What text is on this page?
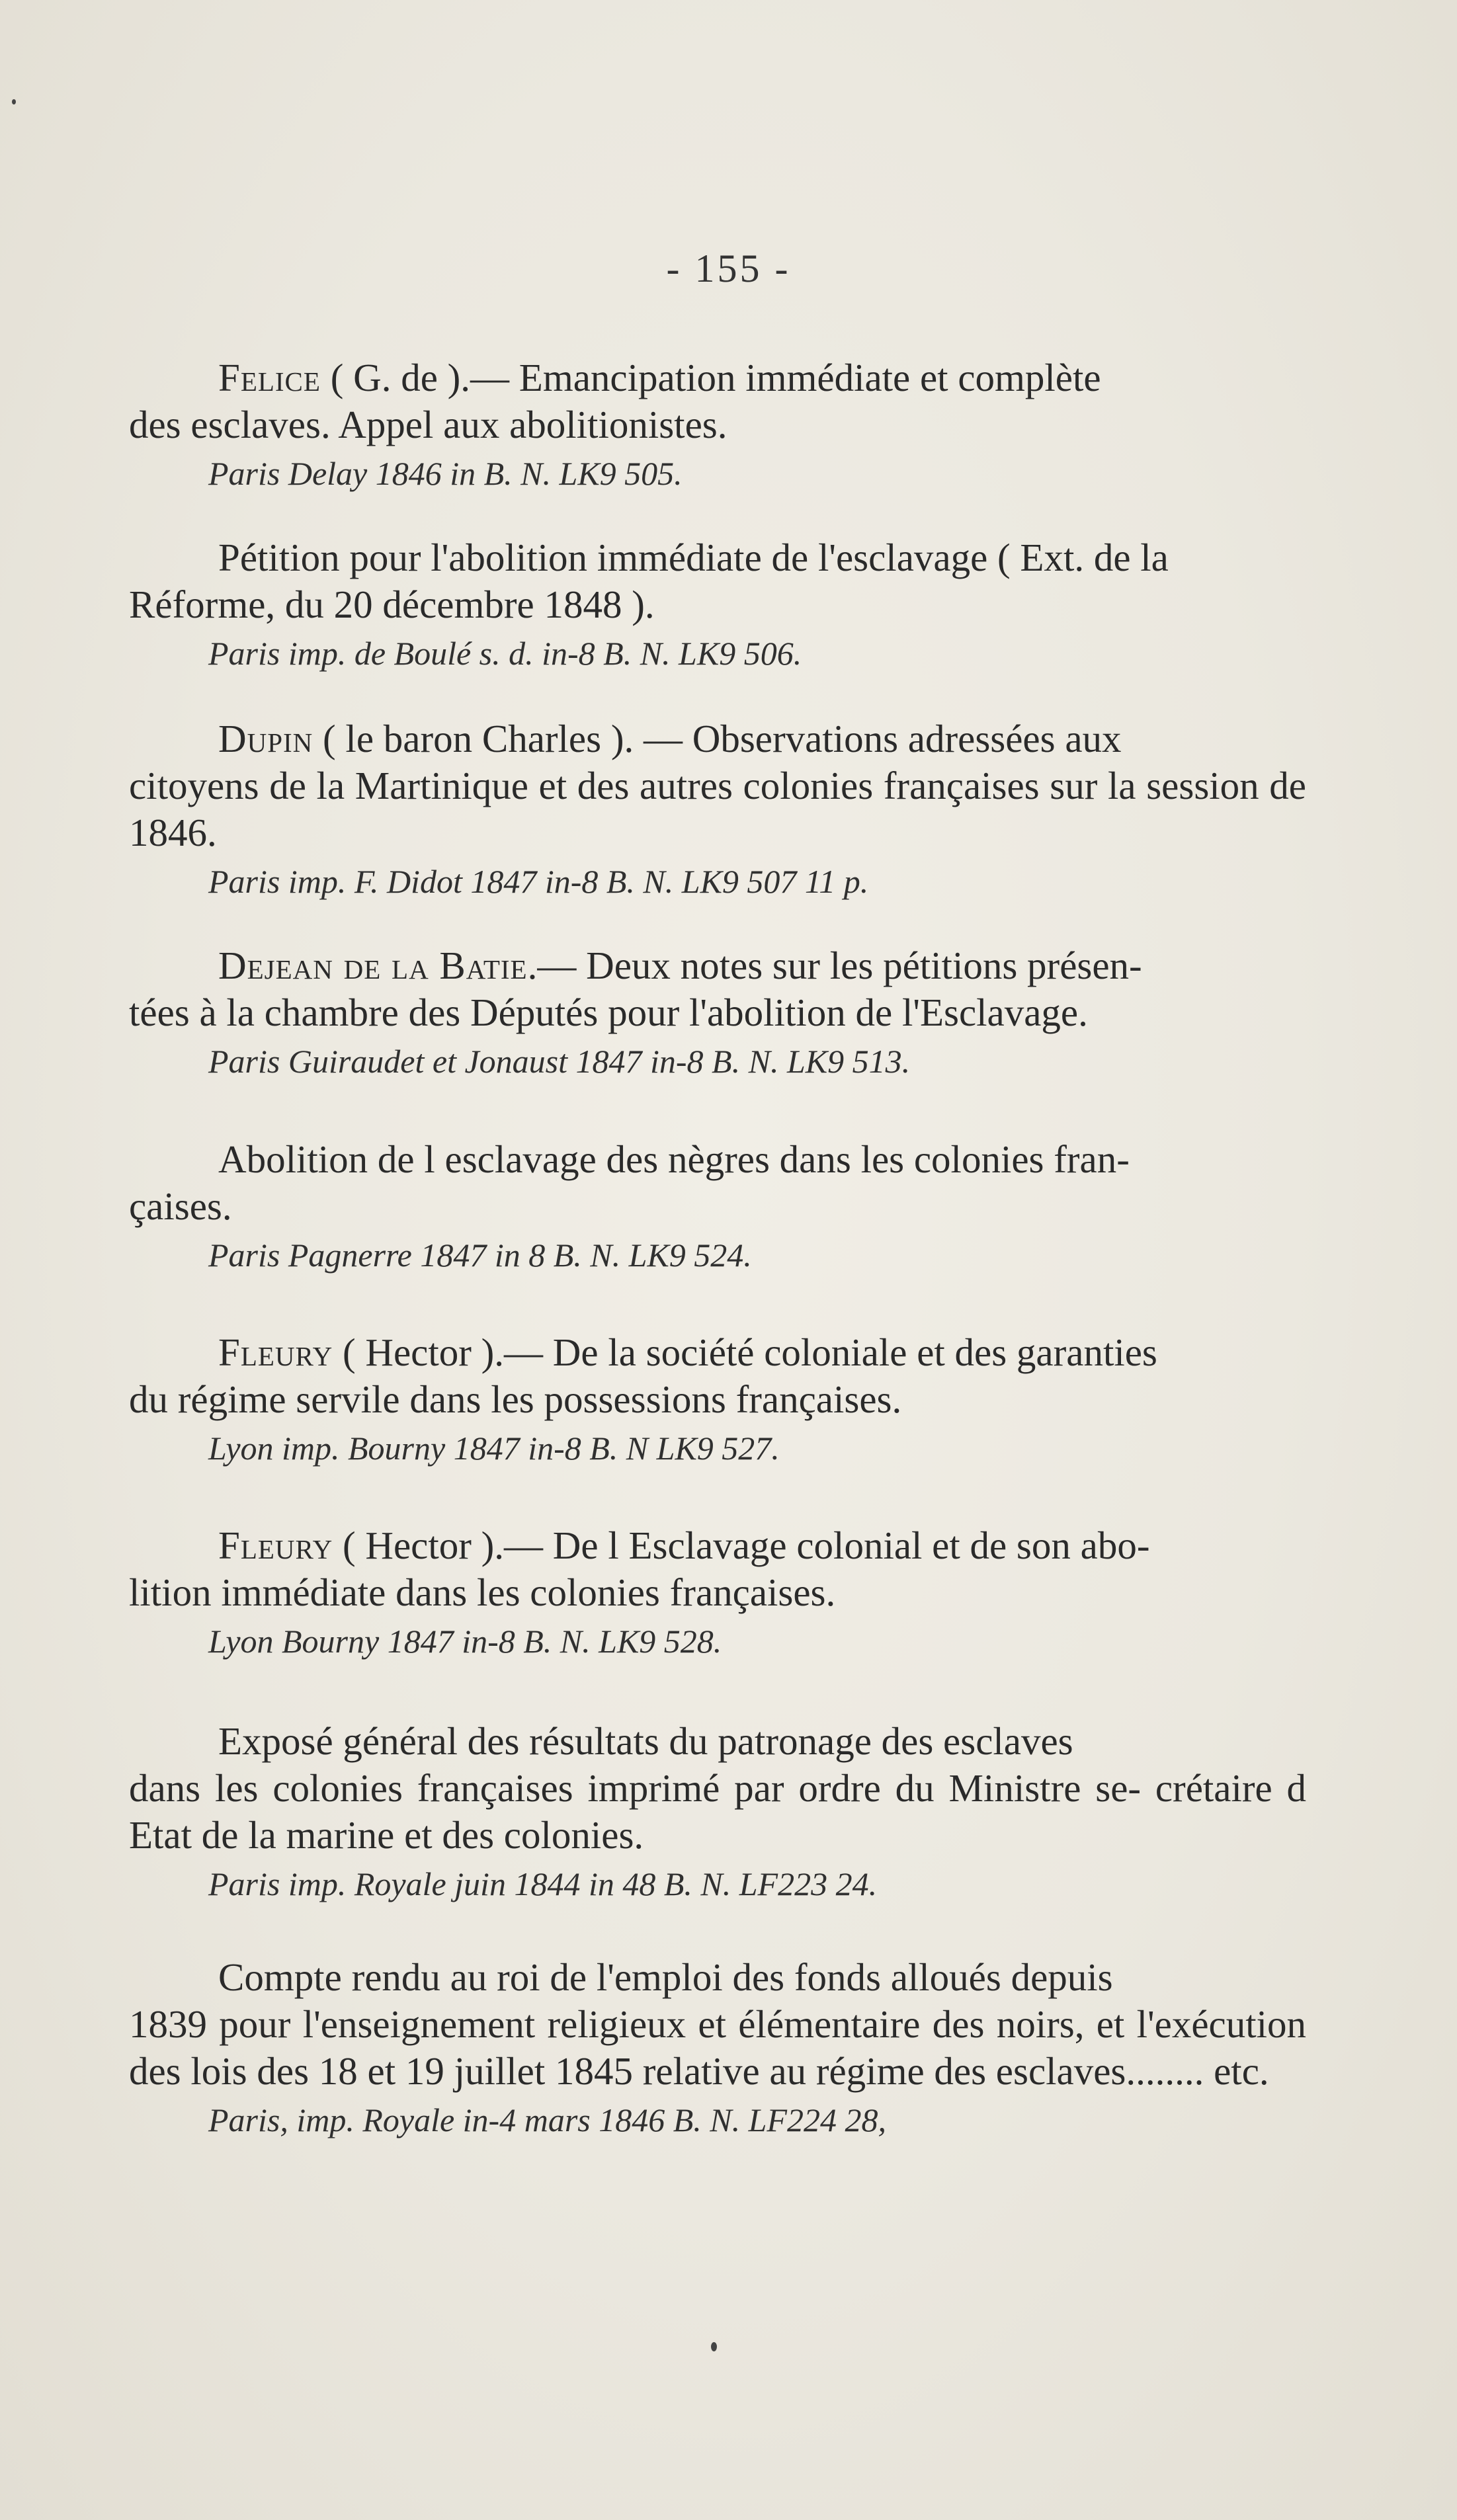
- 155 -

Felice ( G. de ).— Emancipation immédiate et complète
des esclaves. Appel aux abolitionistes.

Paris Delay 1846 in B. N. LK9 505.

Pétition pour l'abolition immédiate de l'esclavage ( Ext. de la
Réforme, du 20 décembre 1848 ).

Paris imp. de Boulé s. d. in-8 B. N. LK9 506.

Dupin ( le baron Charles ). — Observations adressées aux
citoyens de la Martinique et des autres colonies françaises sur la session de 1846.

Paris imp. F. Didot 1847 in-8 B. N. LK9 507 11 p.

Dejean de la Batie.— Deux notes sur les pétitions présen-
tées à la chambre des Députés pour l'abolition de l'Esclavage.

Paris Guiraudet et Jonaust 1847 in-8 B. N. LK9 513.

Abolition de l esclavage des nègres dans les colonies fran-
çaises.

Paris Pagnerre 1847 in 8 B. N. LK9 524.

Fleury ( Hector ).— De la société coloniale et des garanties
du régime servile dans les possessions françaises.

Lyon imp. Bourny 1847 in-8 B. N LK9 527.

Fleury ( Hector ).— De l Esclavage colonial et de son abo-
lition immédiate dans les colonies françaises.

Lyon Bourny 1847 in-8 B. N. LK9 528.

Exposé général des résultats du patronage des esclaves
dans les colonies françaises imprimé par ordre du Ministre se- crétaire d Etat de la marine et des colonies.

Paris imp. Royale juin 1844 in 48 B. N. LF223 24.

Compte rendu au roi de l'emploi des fonds alloués depuis
1839 pour l'enseignement religieux et élémentaire des noirs, et l'exécution des lois des 18 et 19 juillet 1845 relative au régime des esclaves........ etc.

Paris, imp. Royale in-4 mars 1846 B. N. LF224 28,
